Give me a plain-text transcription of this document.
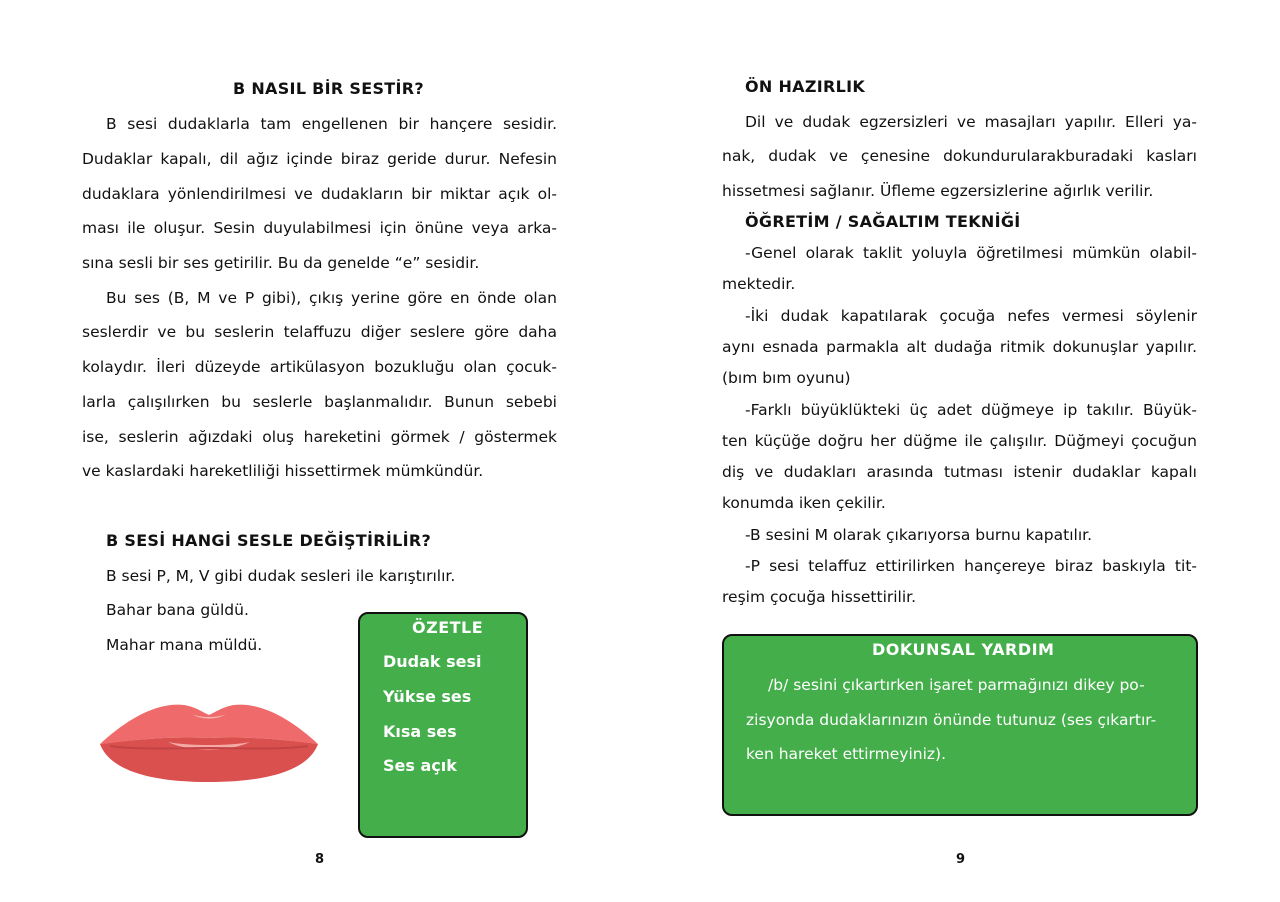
B NASIL BİR SESTİR?
B sesi dudaklarla tam engellenen bir hançere sesidir.
Dudaklar kapalı, dil ağız içinde biraz geride durur. Nefesin
dudaklara yönlendirilmesi ve dudakların bir miktar açık ol-
ması ile oluşur. Sesin duyulabilmesi için önüne veya arka-
sına sesli bir ses getirilir. Bu da genelde “e” sesidir.
Bu ses (B, M ve P gibi), çıkış yerine göre en önde olan
seslerdir ve bu seslerin telaffuzu diğer seslere göre daha
kolaydır. İleri düzeyde artikülasyon bozukluğu olan çocuk-
larla çalışılırken bu seslerle başlanmalıdır. Bunun sebebi
ise, seslerin ağızdaki oluş hareketini görmek / göstermek
ve kaslardaki hareketliliği hissettirmek mümkündür.
B SESİ HANGİ SESLE DEĞİŞTİRİLİR?
B sesi P, M, V gibi dudak sesleri ile karıştırılır.
Bahar bana güldü.
Mahar mana müldü.
ÖZETLE
Dudak sesi
Yükse ses
Kısa ses
Ses açık
8
ÖN HAZIRLIK
Dil ve dudak egzersizleri ve masajları yapılır. Elleri ya-
nak, dudak ve çenesine dokundurularakburadaki kasları
hissetmesi sağlanır. Üfleme egzersizlerine ağırlık verilir.
ÖĞRETİM / SAĞALTIM TEKNİĞİ
-Genel olarak taklit yoluyla öğretilmesi mümkün olabil-
mektedir.
-İki dudak kapatılarak çocuğa nefes vermesi söylenir
aynı esnada parmakla alt dudağa ritmik dokunuşlar yapılır.
(bım bım oyunu)
-Farklı büyüklükteki üç adet düğmeye ip takılır. Büyük-
ten küçüğe doğru her düğme ile çalışılır. Düğmeyi çocuğun
diş ve dudakları arasında tutması istenir dudaklar kapalı
konumda iken çekilir.
-B sesini M olarak çıkarıyorsa burnu kapatılır.
-P sesi telaffuz ettirilirken hançereye biraz baskıyla tit-
reşim çocuğa hissettirilir.
DOKUNSAL YARDIM
/b/ sesini çıkartırken işaret parmağınızı dikey po-
zisyonda dudaklarınızın önünde tutunuz (ses çıkartır-
ken hareket ettirmeyiniz).
9
